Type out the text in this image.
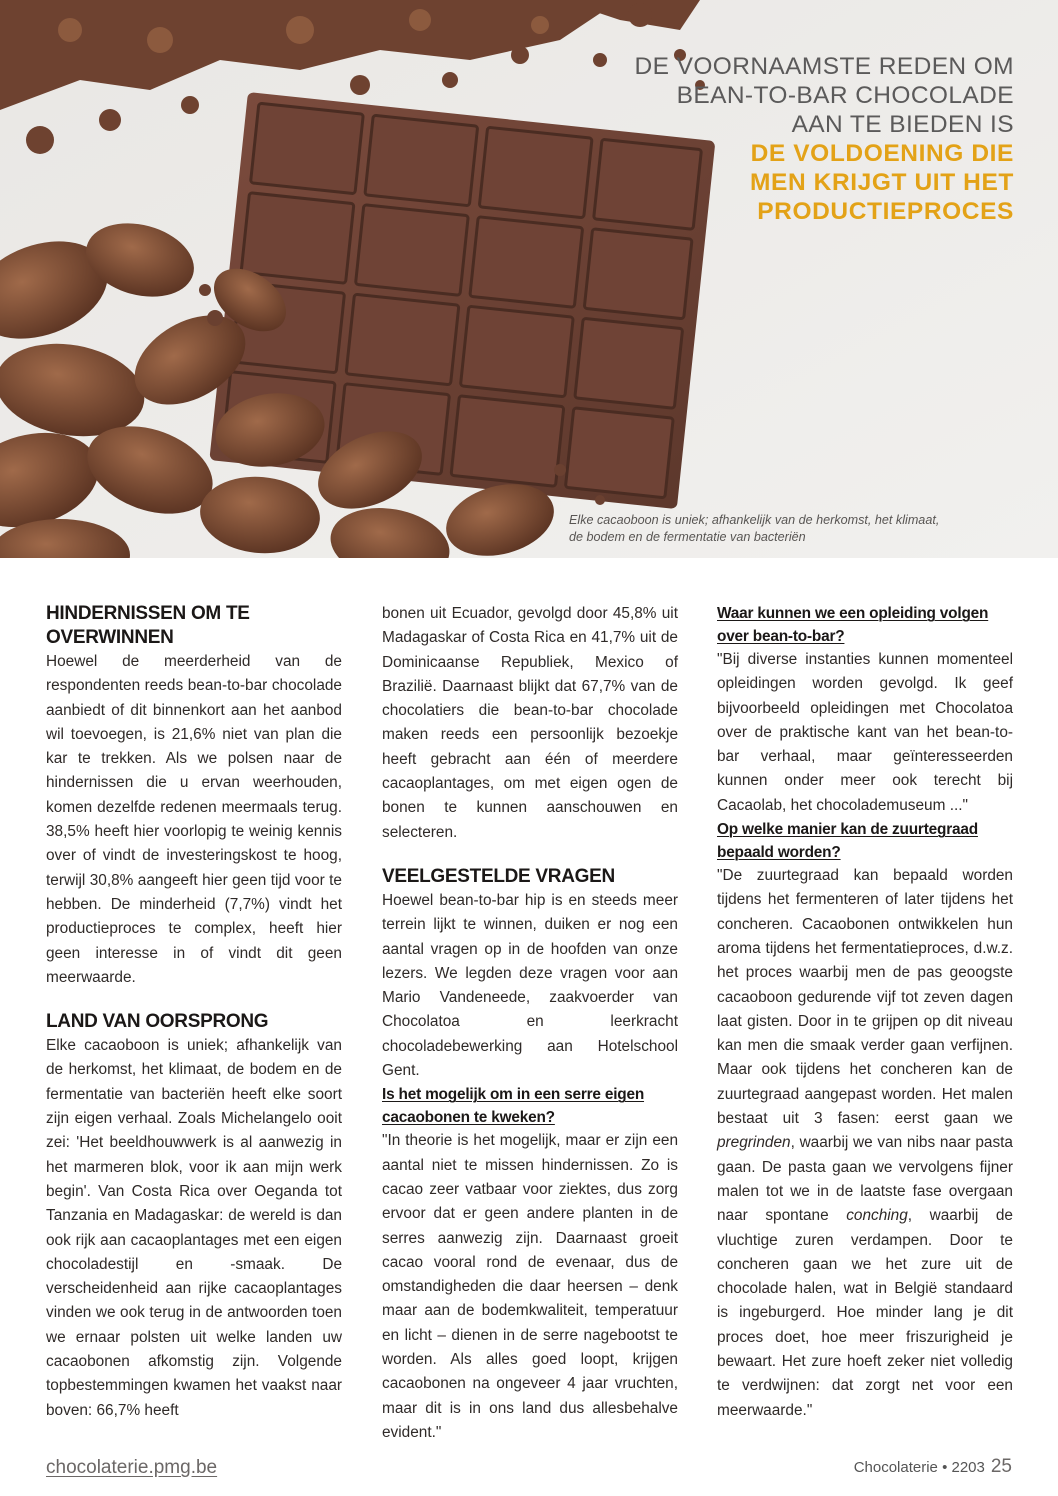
DE VOORNAAMSTE REDEN OM
BEAN-TO-BAR CHOCOLADE
AAN TE BIEDEN IS
DE VOLDOENING DIE
MEN KRIJGT UIT HET
PRODUCTIEPROCES
Elke cacaoboon is uniek; afhankelijk van de herkomst, het klimaat,
de bodem en de fermentatie van bacteriën
HINDERNISSEN OM TE OVERWINNEN

Hoewel de meerderheid van de respondenten reeds bean-to-bar chocolade aanbiedt of dit binnenkort aan het aanbod wil toevoegen, is 21,6% niet van plan die kar te trekken. Als we polsen naar de hindernissen die u ervan weerhouden, komen dezelfde redenen meermaals terug. 38,5% heeft hier voorlopig te weinig kennis over of vindt de investeringskost te hoog, terwijl 30,8% aangeeft hier geen tijd voor te hebben. De minderheid (7,7%) vindt het productieproces te complex, heeft hier geen interesse in of vindt dit geen meerwaarde.

LAND VAN OORSPRONG

Elke cacaoboon is uniek; afhankelijk van de herkomst, het klimaat, de bodem en de fermentatie van bacteriën heeft elke soort zijn eigen verhaal. Zoals Michelangelo ooit zei: 'Het beeldhouwwerk is al aanwezig in het marmeren blok, voor ik aan mijn werk begin'. Van Costa Rica over Oeganda tot Tanzania en Madagaskar: de wereld is dan ook rijk aan cacaoplantages met een eigen chocoladestijl en -smaak. De verscheidenheid aan rijke cacaoplantages vinden we ook terug in de antwoorden toen we ernaar polsten uit welke landen uw cacaobonen afkomstig zijn. Volgende topbestemmingen kwamen het vaakst naar boven: 66,7% heeft

bonen uit Ecuador, gevolgd door 45,8% uit Madagaskar of Costa Rica en 41,7% uit de Dominicaanse Republiek, Mexico of Brazilië. Daarnaast blijkt dat 67,7% van de chocolatiers die bean-to-bar chocolade maken reeds een persoonlijk bezoekje heeft gebracht aan één of meerdere cacaoplantages, om met eigen ogen de bonen te kunnen aanschouwen en selecteren.

VEELGESTELDE VRAGEN

Hoewel bean-to-bar hip is en steeds meer terrein lijkt te winnen, duiken er nog een aantal vragen op in de hoofden van onze lezers. We legden deze vragen voor aan Mario Vandeneede, zaakvoerder van Chocolatoa en leerkracht chocoladebewerking aan Hotelschool Gent.

Is het mogelijk om in een serre eigen cacaobonen te kweken?

"In theorie is het mogelijk, maar er zijn een aantal niet te missen hindernissen. Zo is cacao zeer vatbaar voor ziektes, dus zorg ervoor dat er geen andere planten in de serres aanwezig zijn. Daarnaast groeit cacao vooral rond de evenaar, dus de omstandigheden die daar heersen – denk maar aan de bodemkwaliteit, temperatuur en licht – dienen in de serre nagebootst te worden. Als alles goed loopt, krijgen cacaobonen na ongeveer 4 jaar vruchten, maar dit is in ons land dus allesbehalve evident."

Waar kunnen we een opleiding volgen over bean-to-bar?

"Bij diverse instanties kunnen momenteel opleidingen worden gevolgd. Ik geef bijvoorbeeld opleidingen met Chocolatoa over de praktische kant van het bean-to-bar verhaal, maar geïnteresseerden kunnen onder meer ook terecht bij Cacaolab, het chocolademuseum ..."

Op welke manier kan de zuurtegraad bepaald worden?

"De zuurtegraad kan bepaald worden tijdens het fermenteren of later tijdens het concheren. Cacaobonen ontwikkelen hun aroma tijdens het fermentatieproces, d.w.z. het proces waarbij men de pas geoogste cacaoboon gedurende vijf tot zeven dagen laat gisten. Door in te grijpen op dit niveau kan men die smaak verder gaan verfijnen. Maar ook tijdens het concheren kan de zuurtegraad aangepast worden. Het malen bestaat uit 3 fasen: eerst gaan we pregrinden, waarbij we van nibs naar pasta gaan. De pasta gaan we vervolgens fijner malen tot we in de laatste fase overgaan naar spontane conching, waarbij de vluchtige zuren verdampen. Door te concheren gaan we het zure uit de chocolade halen, wat in België standaard is ingeburgerd. Hoe minder lang je dit proces doet, hoe meer friszurigheid je bewaart. Het zure hoeft zeker niet volledig te verdwijnen: dat zorgt net voor een meerwaarde."

chocolaterie.pmg.be	Chocolaterie • 2203 25
